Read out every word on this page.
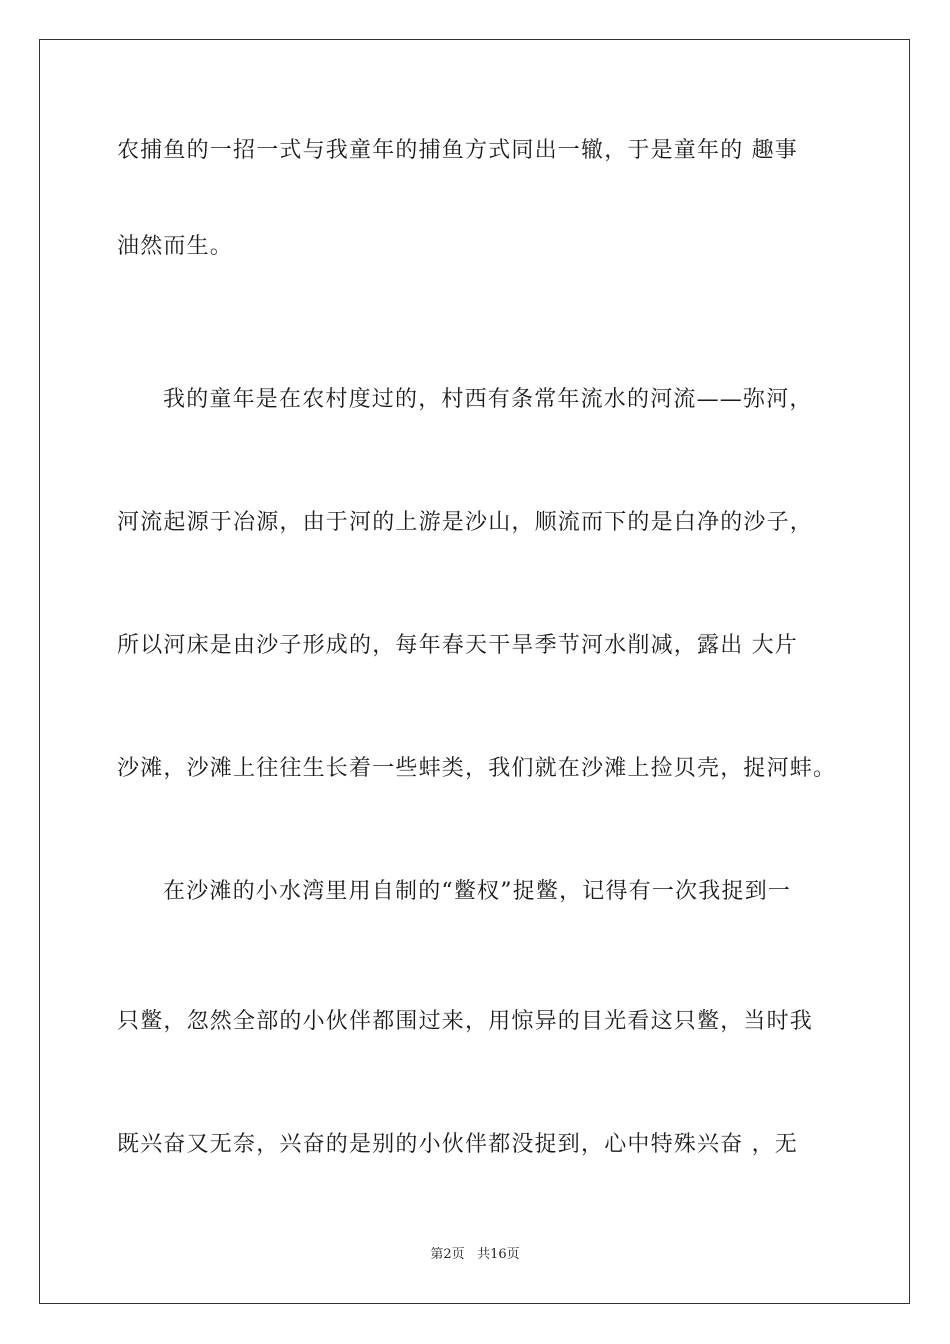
农捕鱼的一招一式与我童年的捕鱼方式同出一辙，于是童年的 趣事
油然而生。
我的童年是在农村度过的，村西有条常年流水的河流——弥河，
河流起源于冶源，由于河的上游是沙山，顺流而下的是白净的沙子，
所以河床是由沙子形成的，每年春天干旱季节河水削减，露出 大片
沙滩，沙滩上往往生长着一些蚌类，我们就在沙滩上捡贝壳，捉河蚌。
在沙滩的小水湾里用自制的“鳖杈”捉鳖，记得有一次我捉到一
只鳖，忽然全部的小伙伴都围过来，用惊异的目光看这只鳖，当时我
既兴奋又无奈，兴奋的是别的小伙伴都没捉到，心中特殊兴奋 ，无
第2页 共16页
